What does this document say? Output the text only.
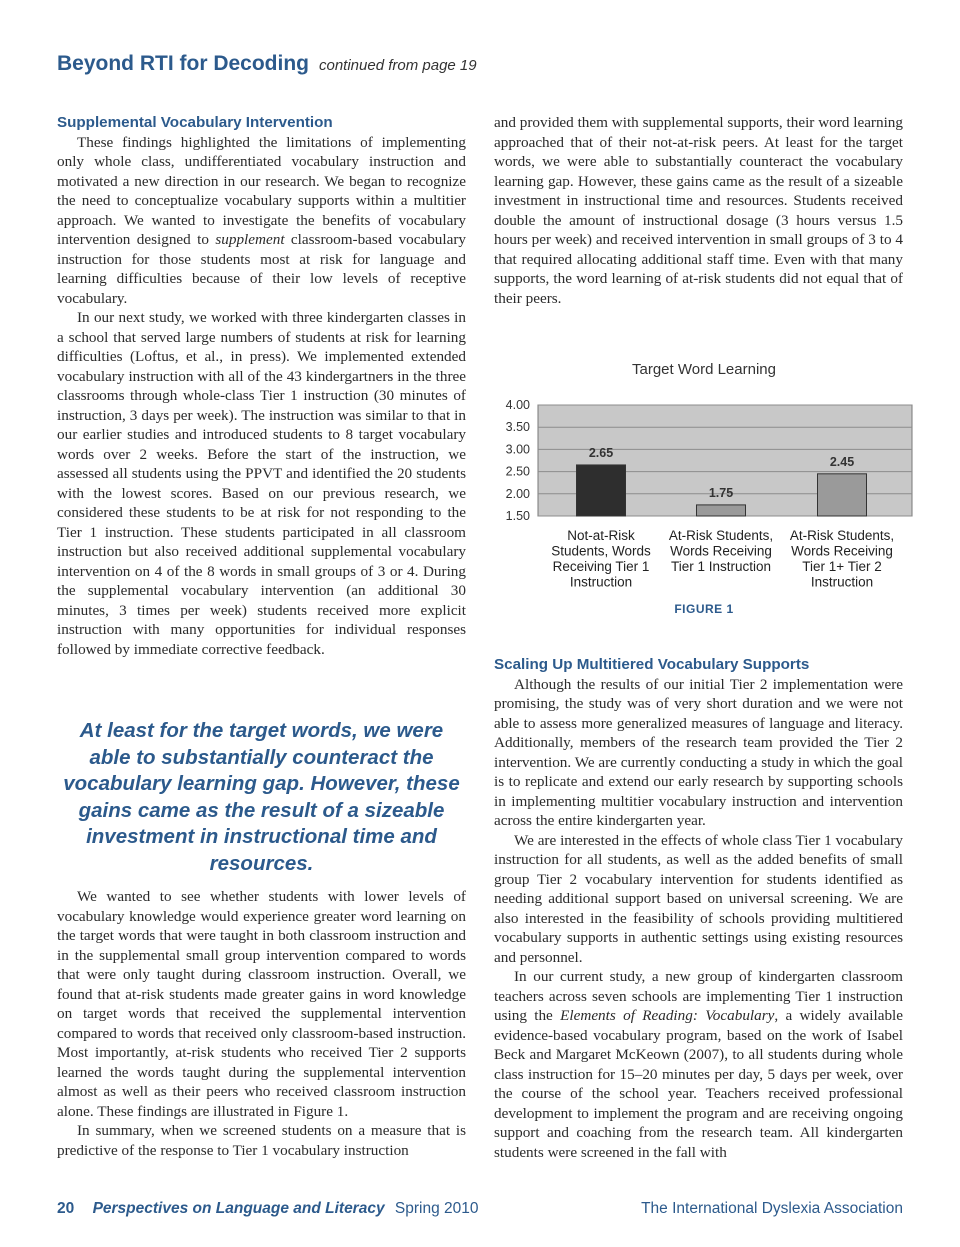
Beyond RTI for Decoding continued from page 19
Supplemental Vocabulary Intervention

These findings highlighted the limitations of implementing only whole class, undifferentiated vocabulary instruction and motivated a new direction in our research. We began to recognize the need to conceptualize vocabulary supports within a multitier approach. We wanted to investigate the benefits of vocabulary intervention designed to supplement classroom-based vocabulary instruction for those students most at risk for language and learning difficulties because of their low levels of receptive vocabulary.

In our next study, we worked with three kindergarten classes in a school that served large numbers of students at risk for learning difficulties (Loftus, et al., in press). We implemented extended vocabulary instruction with all of the 43 kindergartners in the three classrooms through whole-class Tier 1 instruction (30 minutes of instruction, 3 days per week). The instruction was similar to that in our earlier studies and introduced students to 8 target vocabulary words over 2 weeks. Before the start of the instruction, we assessed all students using the PPVT and identified the 20 students with the lowest scores. Based on our previous research, we considered these students to be at risk for not responding to the Tier 1 instruction. These students participated in all classroom instruction but also received additional supplemental vocabulary intervention on 4 of the 8 words in small groups of 3 or 4. During the supplemental vocabulary intervention (an additional 30 minutes, 3 times per week) students received more explicit instruction with many opportunities for individual responses followed by immediate corrective feedback.

At least for the target words, we were able to substantially counteract the vocabulary learning gap. However, these gains came as the result of a sizeable investment in instructional time and resources.

We wanted to see whether students with lower levels of vocabulary knowledge would experience greater word learning on the target words that were taught in both classroom instruction and in the supplemental small group intervention compared to words that were only taught during classroom instruction. Overall, we found that at-risk students made greater gains in word knowledge on target words that received the supplemental intervention compared to words that received only classroom-based instruction. Most importantly, at-risk students who received Tier 2 supports learned the words taught during the supplemental intervention almost as well as their peers who received classroom instruction alone. These findings are illustrated in Figure 1.

In summary, when we screened students on a measure that is predictive of the response to Tier 1 vocabulary instruction

and provided them with supplemental supports, their word learning approached that of their not-at-risk peers. At least for the target words, we were able to substantially counteract the vocabulary learning gap. However, these gains came as the result of a sizeable investment in instructional time and resources. Students received double the amount of instructional dosage (3 hours versus 1.5 hours per week) and received intervention in small groups of 3 to 4 that required allocating additional staff time. Even with that many supports, the word learning of at-risk students did not equal that of their peers.

Target Word Learning
1.50
2.00
2.50
3.00
3.50
4.00
2.65
Not-at-Risk
Students, Words
Receiving Tier 1
Instruction
1.75
At-Risk Students,
Words Receiving
Tier 1 Instruction
2.45
At-Risk Students,
Words Receiving
Tier 1+ Tier 2
Instruction
FIGURE 1
Scaling Up Multitiered Vocabulary Supports

Although the results of our initial Tier 2 implementation were promising, the study was of very short duration and we were not able to assess more generalized measures of language and literacy. Additionally, members of the research team provided the Tier 2 intervention. We are currently conducting a study in which the goal is to replicate and extend our early research by supporting schools in implementing multitier vocabulary instruction and intervention across the entire kindergarten year.

We are interested in the effects of whole class Tier 1 vocabulary instruction for all students, as well as the added benefits of small group Tier 2 vocabulary intervention for students identified as needing additional support based on universal screening. We are also interested in the feasibility of schools providing multitiered vocabulary supports in authentic settings using existing resources and personnel.

In our current study, a new group of kindergarten classroom teachers across seven schools are implementing Tier 1 instruction using the Elements of Reading: Vocabulary, a widely available evidence-based vocabulary program, based on the work of Isabel Beck and Margaret McKeown (2007), to all students during whole class instruction for 15–20 minutes per day, 5 days per week, over the course of the school year. Teachers received professional development to implement the program and are receiving ongoing support and coaching from the research team. All kindergarten students were screened in the fall with

20 Perspectives on Language and Literacy Spring 2010	The International Dyslexia Association
